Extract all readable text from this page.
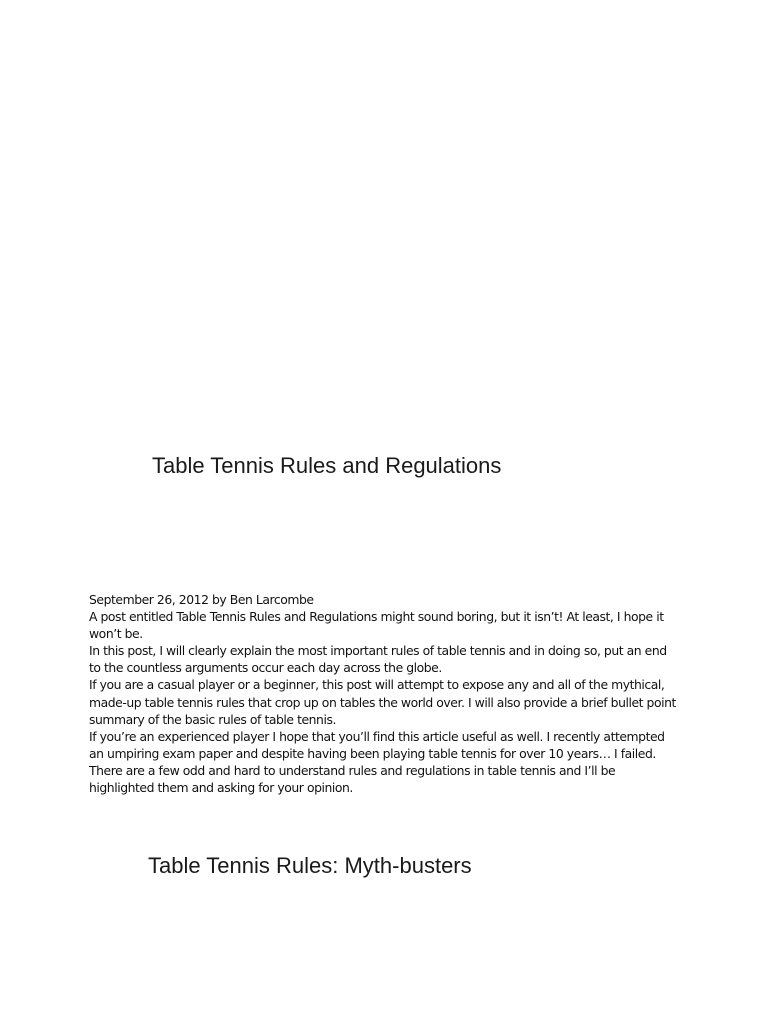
Table Tennis Rules and Regulations

September 26, 2012 by Ben Larcombe

A post entitled Table Tennis Rules and Regulations might sound boring, but it isn’t! At least, I hope it won’t be.

In this post, I will clearly explain the most important rules of table tennis and in doing so, put an end to the countless arguments occur each day across the globe.

If you are a casual player or a beginner, this post will attempt to expose any and all of the mythical, made-up table tennis rules that crop up on tables the world over. I will also provide a brief bullet point summary of the basic rules of table tennis.

If you’re an experienced player I hope that you’ll find this article useful as well. I recently attempted an umpiring exam paper and despite having been playing table tennis for over 10 years… I failed. There are a few odd and hard to understand rules and regulations in table tennis and I’ll be highlighted them and asking for your opinion.

Table Tennis Rules: Myth-busters
